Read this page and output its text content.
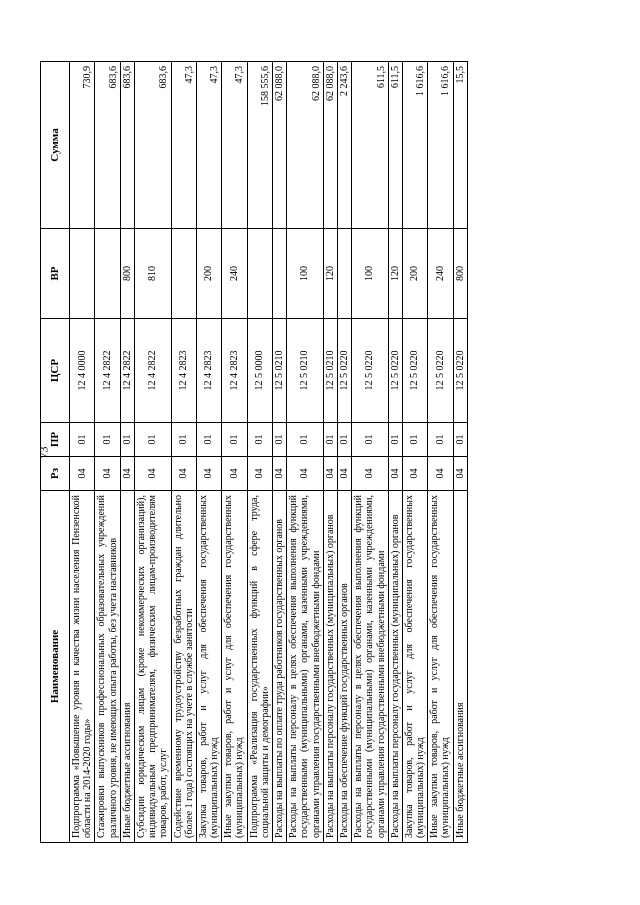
73
Наименование	Рз	ПР	ЦСР	ВР	Сумма
Подпрограмма «Повышение уровня и качества жизни населения Пензенской области на 2014-2020 годы»	04	01	12 4 0000		730,9
Стажировки выпускников профессиональных образовательных учреждений различного уровня, не имеющих опыта работы, без учета наставников	04	01	12 4 2822		683,6
Иные бюджетные ассигнования	04	01	12 4 2822	800	683,6
Субсидии юридическим лицам (кроме некоммерческих организаций), индивидуальным предпринимателям, физическим лицам-производителям товаров, работ, услуг	04	01	12 4 2822	810	683,6
Содействие временному трудоустройству безработных граждан длительно (более 1 года) состоящих на учете в службе занятости	04	01	12 4 2823		47,3
Закупка товаров, работ и услуг для обеспечения государственных (муниципальных) нужд	04	01	12 4 2823	200	47,3
Иные закупки товаров, работ и услуг для обеспечения государственных (муниципальных) нужд	04	01	12 4 2823	240	47,3
Подпрограмма «Реализация государственных функций в сфере труда, социальной защиты и демографии»	04	01	12 5 0000		158 555,6
Расходы на выплаты по оплате труда работников государственных органов	04	01	12 5 0210		62 088,0
Расходы на выплаты персоналу в целях обеспечения выполнения функций государственными (муниципальными) органами, казенными учреждениями, органами управления государственными внебюджетными фондами	04	01	12 5 0210	100	62 088,0
Расходы на выплаты персоналу государственных (муниципальных) органов	04	01	12 5 0210	120	62 088,0
Расходы на обеспечение функций государственных органов	04	01	12 5 0220		2 243,6
Расходы на выплаты персоналу в целях обеспечения выполнения функций государственными (муниципальными) органами, казенными учреждениями, органами управления государственными внебюджетными фондами	04	01	12 5 0220	100	611,5
Расходы на выплаты персоналу государственных (муниципальных) органов	04	01	12 5 0220	120	611,5
Закупка товаров, работ и услуг для обеспечения государственных (муниципальных) нужд	04	01	12 5 0220	200	1 616,6
Иные закупки товаров, работ и услуг для обеспечения государственных (муниципальных) нужд	04	01	12 5 0220	240	1 616,6
Иные бюджетные ассигнования	04	01	12 5 0220	800	15,5
